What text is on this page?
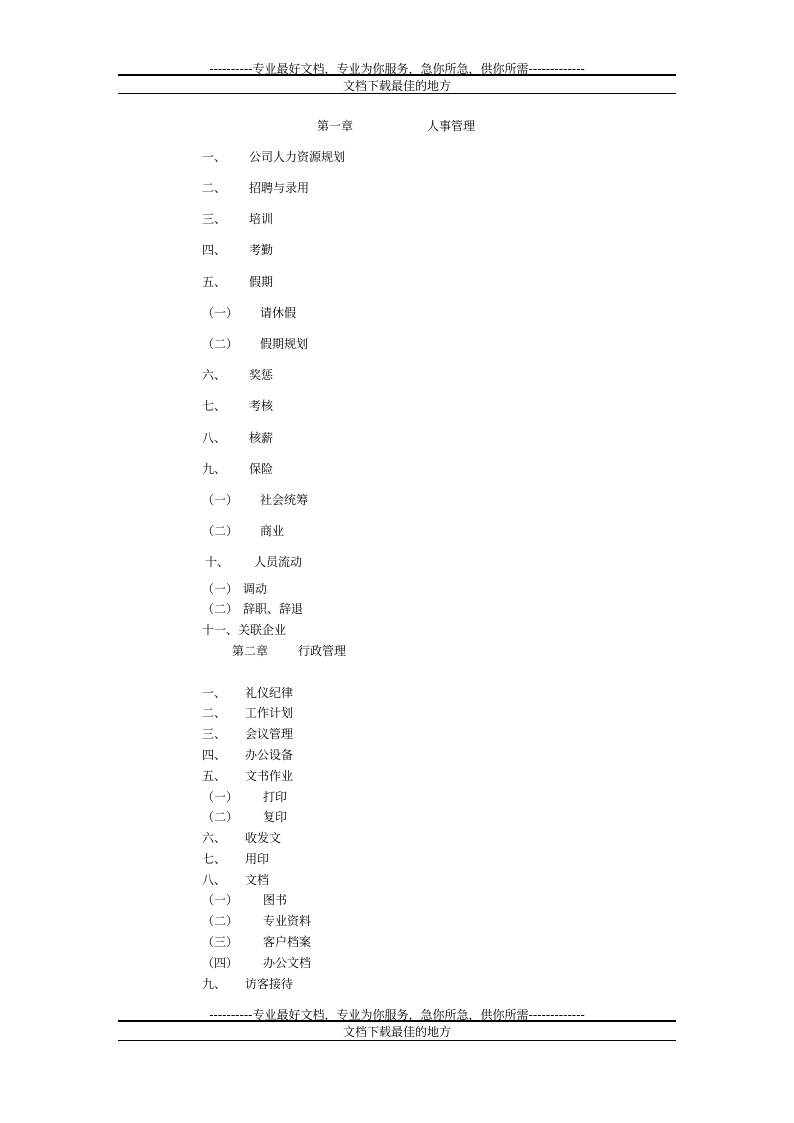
----------专业最好文档，专业为你服务，急你所急，供你所需-------------
文档下载最佳的地方
第一章	人事管理
一、 公司人力资源规划
二、 招聘与录用
三、 培训
四、 考勤
五、 假期
（一） 请休假
（二） 假期规划
六、 奖惩
七、 考核
八、 核薪
九、 保险
（一） 社会统筹
（二） 商业
十、 人员流动
（一） 调动
（二） 辞职、辞退
十一、 关联企业
第二章 行政管理
一、 礼仪纪律
二、 工作计划
三、 会议管理
四、 办公设备
五、 文书作业
（一） 打印
（二） 复印
六、 收发文
七、 用印
八、 文档
（一） 图书
（二） 专业资料
（三） 客户档案
（四） 办公文档
九、 访客接待
----------专业最好文档，专业为你服务，急你所急，供你所需-------------
文档下载最佳的地方
